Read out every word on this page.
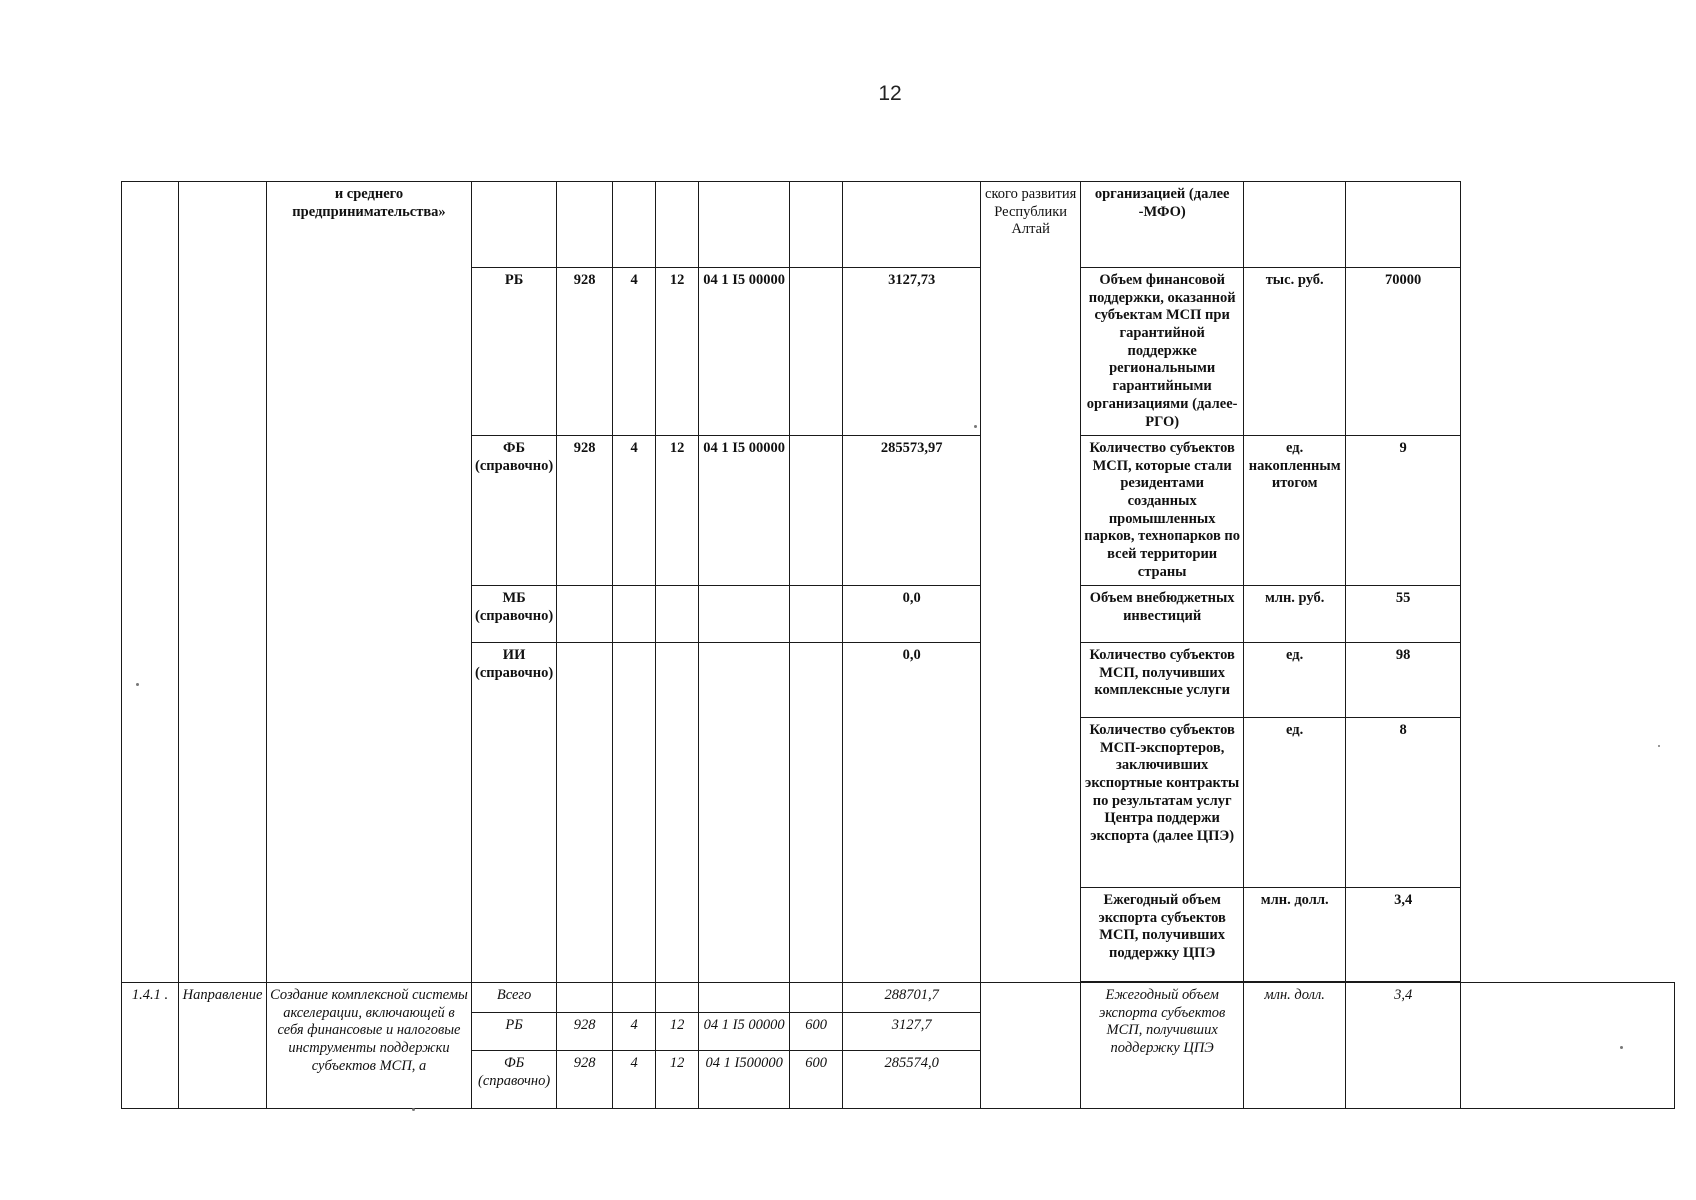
12
		и среднего предпринимательства»								ского развития Республики Алтай	организацией (далее -МФО)			
			РБ	928	4	12	04 1 I5 00000		3127,73		Объем финансовой поддержки, оказанной субъектам МСП при гарантийной поддержке региональными гарантийными организациями (далее- РГО)	тыс. руб.	70000	
			ФБ (справочно)	928	4	12	04 1 I5 00000		285573,97		Количество субъектов МСП, которые стали резидентами созданных промышленных парков, технопарков по всей территории страны	ед. накопленным итогом	9	
			МБ (справочно)						0,0		Объем внебюджетных инвестиций	млн. руб.	55	
			ИИ (справочно)						0,0		Количество субъектов МСП, получивших комплексные услуги	ед.	98	
											Количество субъектов МСП-экспортеров, заключивших экспортные контракты по результатам услуг Центра поддержи экспорта (далее ЦПЭ)	ед.	8	
											Ежегодный объем экспорта субъектов МСП, получивших поддержку ЦПЭ	млн. долл.	3,4	

1.4.1 .	Направление	Создание комплексной системы акселерации, включающей в себя финансовые и налоговые инструменты поддержки субъектов МСП, а	Всего						288701,7		Ежегодный объем экспорта субъектов МСП, получивших поддержку ЦПЭ	млн. долл.	3,4	
			РБ	928	4	12	04 1 I5 00000	600	3127,7					
			ФБ (справочно)	928	4	12	04 1 I500000	600	285574,0					
